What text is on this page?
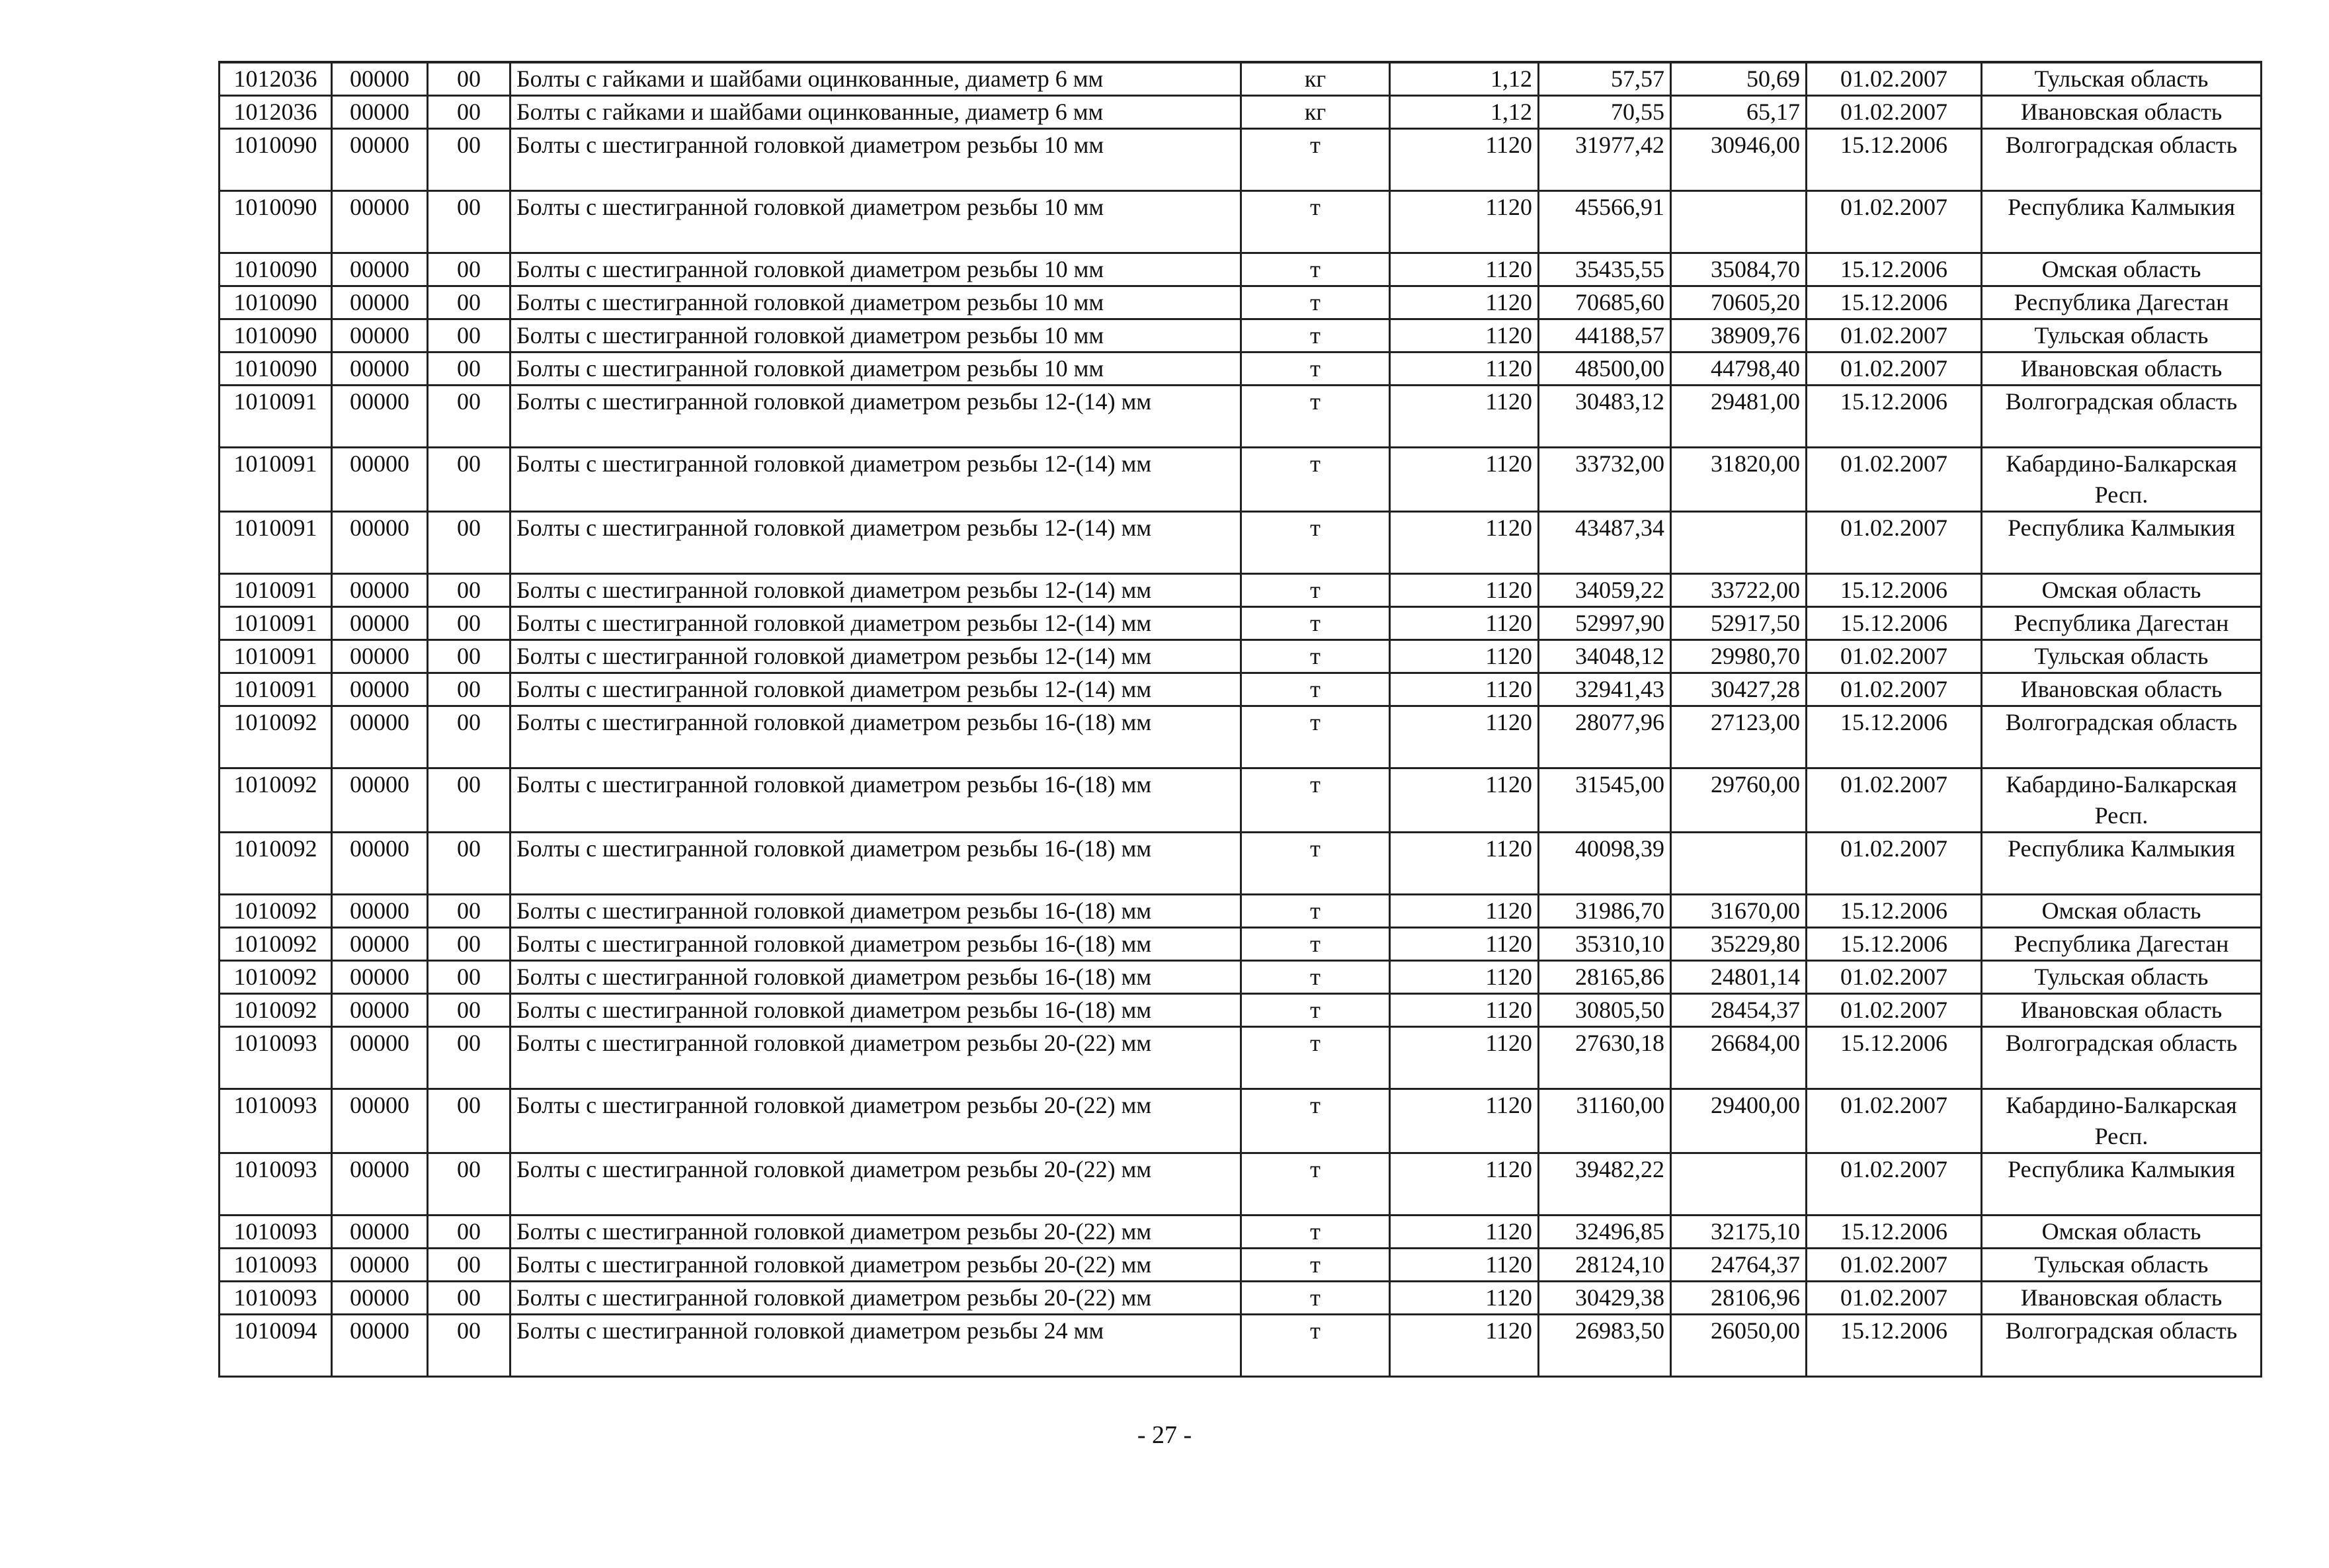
1012036	00000	00	Болты с гайками и шайбами оцинкованные, диаметр 6 мм	кг	1,12	57,57	50,69	01.02.2007	Тульская область
1012036	00000	00	Болты с гайками и шайбами оцинкованные, диаметр 6 мм	кг	1,12	70,55	65,17	01.02.2007	Ивановская область
1010090	00000	00	Болты с шестигранной головкой диаметром резьбы 10 мм	т	1120	31977,42	30946,00	15.12.2006	Волгоградская область
1010090	00000	00	Болты с шестигранной головкой диаметром резьбы 10 мм	т	1120	45566,91		01.02.2007	Республика Калмыкия
1010090	00000	00	Болты с шестигранной головкой диаметром резьбы 10 мм	т	1120	35435,55	35084,70	15.12.2006	Омская область
1010090	00000	00	Болты с шестигранной головкой диаметром резьбы 10 мм	т	1120	70685,60	70605,20	15.12.2006	Республика Дагестан
1010090	00000	00	Болты с шестигранной головкой диаметром резьбы 10 мм	т	1120	44188,57	38909,76	01.02.2007	Тульская область
1010090	00000	00	Болты с шестигранной головкой диаметром резьбы 10 мм	т	1120	48500,00	44798,40	01.02.2007	Ивановская область
1010091	00000	00	Болты с шестигранной головкой диаметром резьбы 12-(14) мм	т	1120	30483,12	29481,00	15.12.2006	Волгоградская область
1010091	00000	00	Болты с шестигранной головкой диаметром резьбы 12-(14) мм	т	1120	33732,00	31820,00	01.02.2007	Кабардино-Балкарская Респ.
1010091	00000	00	Болты с шестигранной головкой диаметром резьбы 12-(14) мм	т	1120	43487,34		01.02.2007	Республика Калмыкия
1010091	00000	00	Болты с шестигранной головкой диаметром резьбы 12-(14) мм	т	1120	34059,22	33722,00	15.12.2006	Омская область
1010091	00000	00	Болты с шестигранной головкой диаметром резьбы 12-(14) мм	т	1120	52997,90	52917,50	15.12.2006	Республика Дагестан
1010091	00000	00	Болты с шестигранной головкой диаметром резьбы 12-(14) мм	т	1120	34048,12	29980,70	01.02.2007	Тульская область
1010091	00000	00	Болты с шестигранной головкой диаметром резьбы 12-(14) мм	т	1120	32941,43	30427,28	01.02.2007	Ивановская область
1010092	00000	00	Болты с шестигранной головкой диаметром резьбы 16-(18) мм	т	1120	28077,96	27123,00	15.12.2006	Волгоградская область
1010092	00000	00	Болты с шестигранной головкой диаметром резьбы 16-(18) мм	т	1120	31545,00	29760,00	01.02.2007	Кабардино-Балкарская Респ.
1010092	00000	00	Болты с шестигранной головкой диаметром резьбы 16-(18) мм	т	1120	40098,39		01.02.2007	Республика Калмыкия
1010092	00000	00	Болты с шестигранной головкой диаметром резьбы 16-(18) мм	т	1120	31986,70	31670,00	15.12.2006	Омская область
1010092	00000	00	Болты с шестигранной головкой диаметром резьбы 16-(18) мм	т	1120	35310,10	35229,80	15.12.2006	Республика Дагестан
1010092	00000	00	Болты с шестигранной головкой диаметром резьбы 16-(18) мм	т	1120	28165,86	24801,14	01.02.2007	Тульская область
1010092	00000	00	Болты с шестигранной головкой диаметром резьбы 16-(18) мм	т	1120	30805,50	28454,37	01.02.2007	Ивановская область
1010093	00000	00	Болты с шестигранной головкой диаметром резьбы 20-(22) мм	т	1120	27630,18	26684,00	15.12.2006	Волгоградская область
1010093	00000	00	Болты с шестигранной головкой диаметром резьбы 20-(22) мм	т	1120	31160,00	29400,00	01.02.2007	Кабардино-Балкарская Респ.
1010093	00000	00	Болты с шестигранной головкой диаметром резьбы 20-(22) мм	т	1120	39482,22		01.02.2007	Республика Калмыкия
1010093	00000	00	Болты с шестигранной головкой диаметром резьбы 20-(22) мм	т	1120	32496,85	32175,10	15.12.2006	Омская область
1010093	00000	00	Болты с шестигранной головкой диаметром резьбы 20-(22) мм	т	1120	28124,10	24764,37	01.02.2007	Тульская область
1010093	00000	00	Болты с шестигранной головкой диаметром резьбы 20-(22) мм	т	1120	30429,38	28106,96	01.02.2007	Ивановская область
1010094	00000	00	Болты с шестигранной головкой диаметром резьбы 24 мм	т	1120	26983,50	26050,00	15.12.2006	Волгоградская область
- 27 -
